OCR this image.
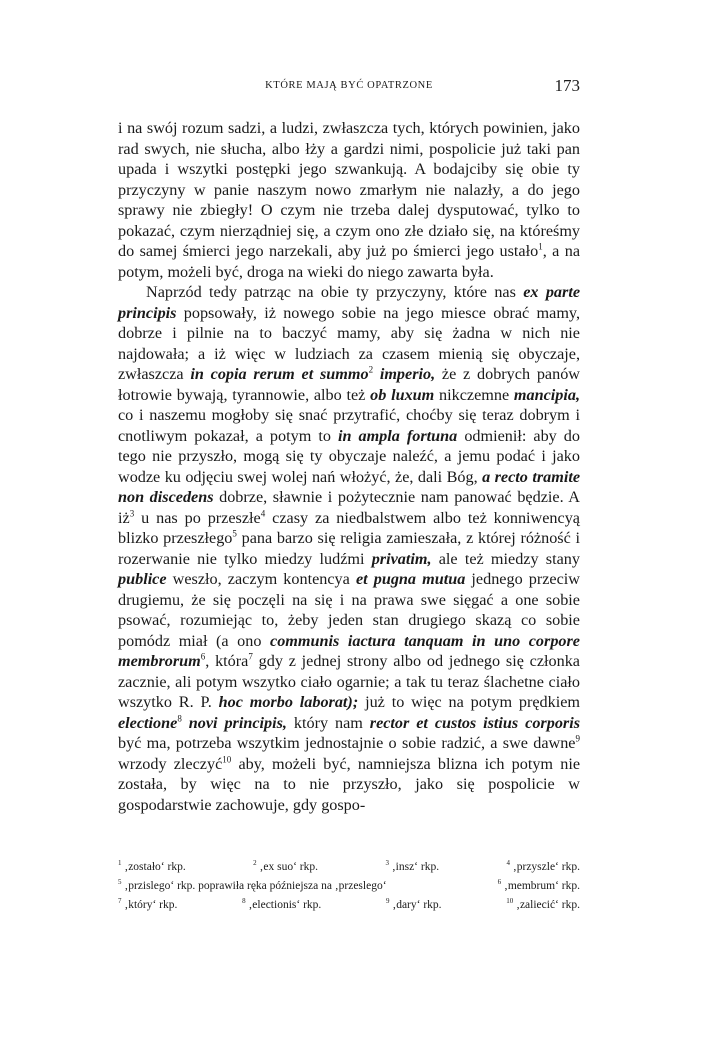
KTÓRE MAJĄ BYĆ OPATRZONE	173

i na swój rozum sadzi, a ludzi, zwłaszcza tych, których powinien, jako rad swych, nie słucha, albo łży a gardzi nimi, pospolicie już taki pan upada i wszytki postępki jego szwankują. A bodajciby się obie ty przyczyny w panie naszym nowo zmarłym nie nalazły, a do jego sprawy nie zbiegły! O czym nie trzeba dalej dysputować, tylko to pokazać, czym nierządniej się, a czym ono złe działo się, na któreśmy do samej śmierci jego narzekali, aby już po śmierci jego ustało$^1$, a na potym, możeli być, droga na wieki do niego zawarta była.

Naprzód tedy patrząc na obie ty przyczyny, które nas ex parte principis popsowały, iż nowego sobie na jego miesce obrać mamy, dobrze i pilnie na to baczyć mamy, aby się żadna w nich nie najdowała; a iż więc w ludziach za czasem mienią się obyczaje, zwłaszcza in copia rerum et summo$^2$ imperio, że z dobrych panów łotrowie bywają, tyrannowie, albo też ob luxum nikczemne mancipia, co i naszemu mogłoby się snać przytrafić, choćby się teraz dobrym i cnotliwym pokazał, a potym to in ampla fortuna odmienił: aby do tego nie przyszło, mogą się ty obyczaje naleźć, a jemu podać i jako wodze ku odjęciu swej wolej nań włożyć, że, dali Bóg, a recto tramite non discedens dobrze, sławnie i pożytecznie nam panować będzie. A $iż^3$ u nas po przeszłe$^4$ czasy za niedbalstwem albo też konniwencyą blizko przeszłego$^5$ pana barzo się religia zamieszała, z której różność i rozerwanie nie tylko miedzy ludźmi privatim, ale też miedzy stany publice weszło, zaczym kontencya et pugna mutua jednego przeciw drugiemu, że się poczęli na się i na prawa swe sięgać a one sobie psować, rozumiejąc to, żeby jeden stan drugiego skazą co sobie pomódz miał (a ono communis iactura tanquam in uno corpore membrorum$^6$, która$^7$ gdy z jednej strony albo od jednego się członka zacznie, ali potym wszytko ciało ogarnie; a tak tu teraz ślachetne ciało wszytko R. P. hoc morbo laborat); już to więc na potym prędkiem electione$^8$ novi principis, który nam rector et custos istius corporis być ma, potrzeba wszytkim jednostajnie o sobie radzić, a swe dawne$^9$ wrzody zleczyć$^{10}$ aby, możeli być, namniejsza blizna ich potym nie została, by więc na to nie przyszło, jako się pospolicie w gospodarstwie zachowuje, gdy gospo-

$^1$ ‚zostało‘ rkp.	$^2$ ‚ex suo‘ rkp.	$^3$ ‚insz‘ rkp.	$^4$ ‚przyszle‘ rkp.
$^5$ ‚przislego‘ rkp. poprawiła ręka późniejsza na ‚przeslego‘	$^6$ ‚membrum‘ rkp.
$^7$ ‚który‘ rkp.	$^8$ ‚electionis‘ rkp.	$^9$ ‚dary‘ rkp.	$^{10}$ ‚zaliecić‘ rkp.
